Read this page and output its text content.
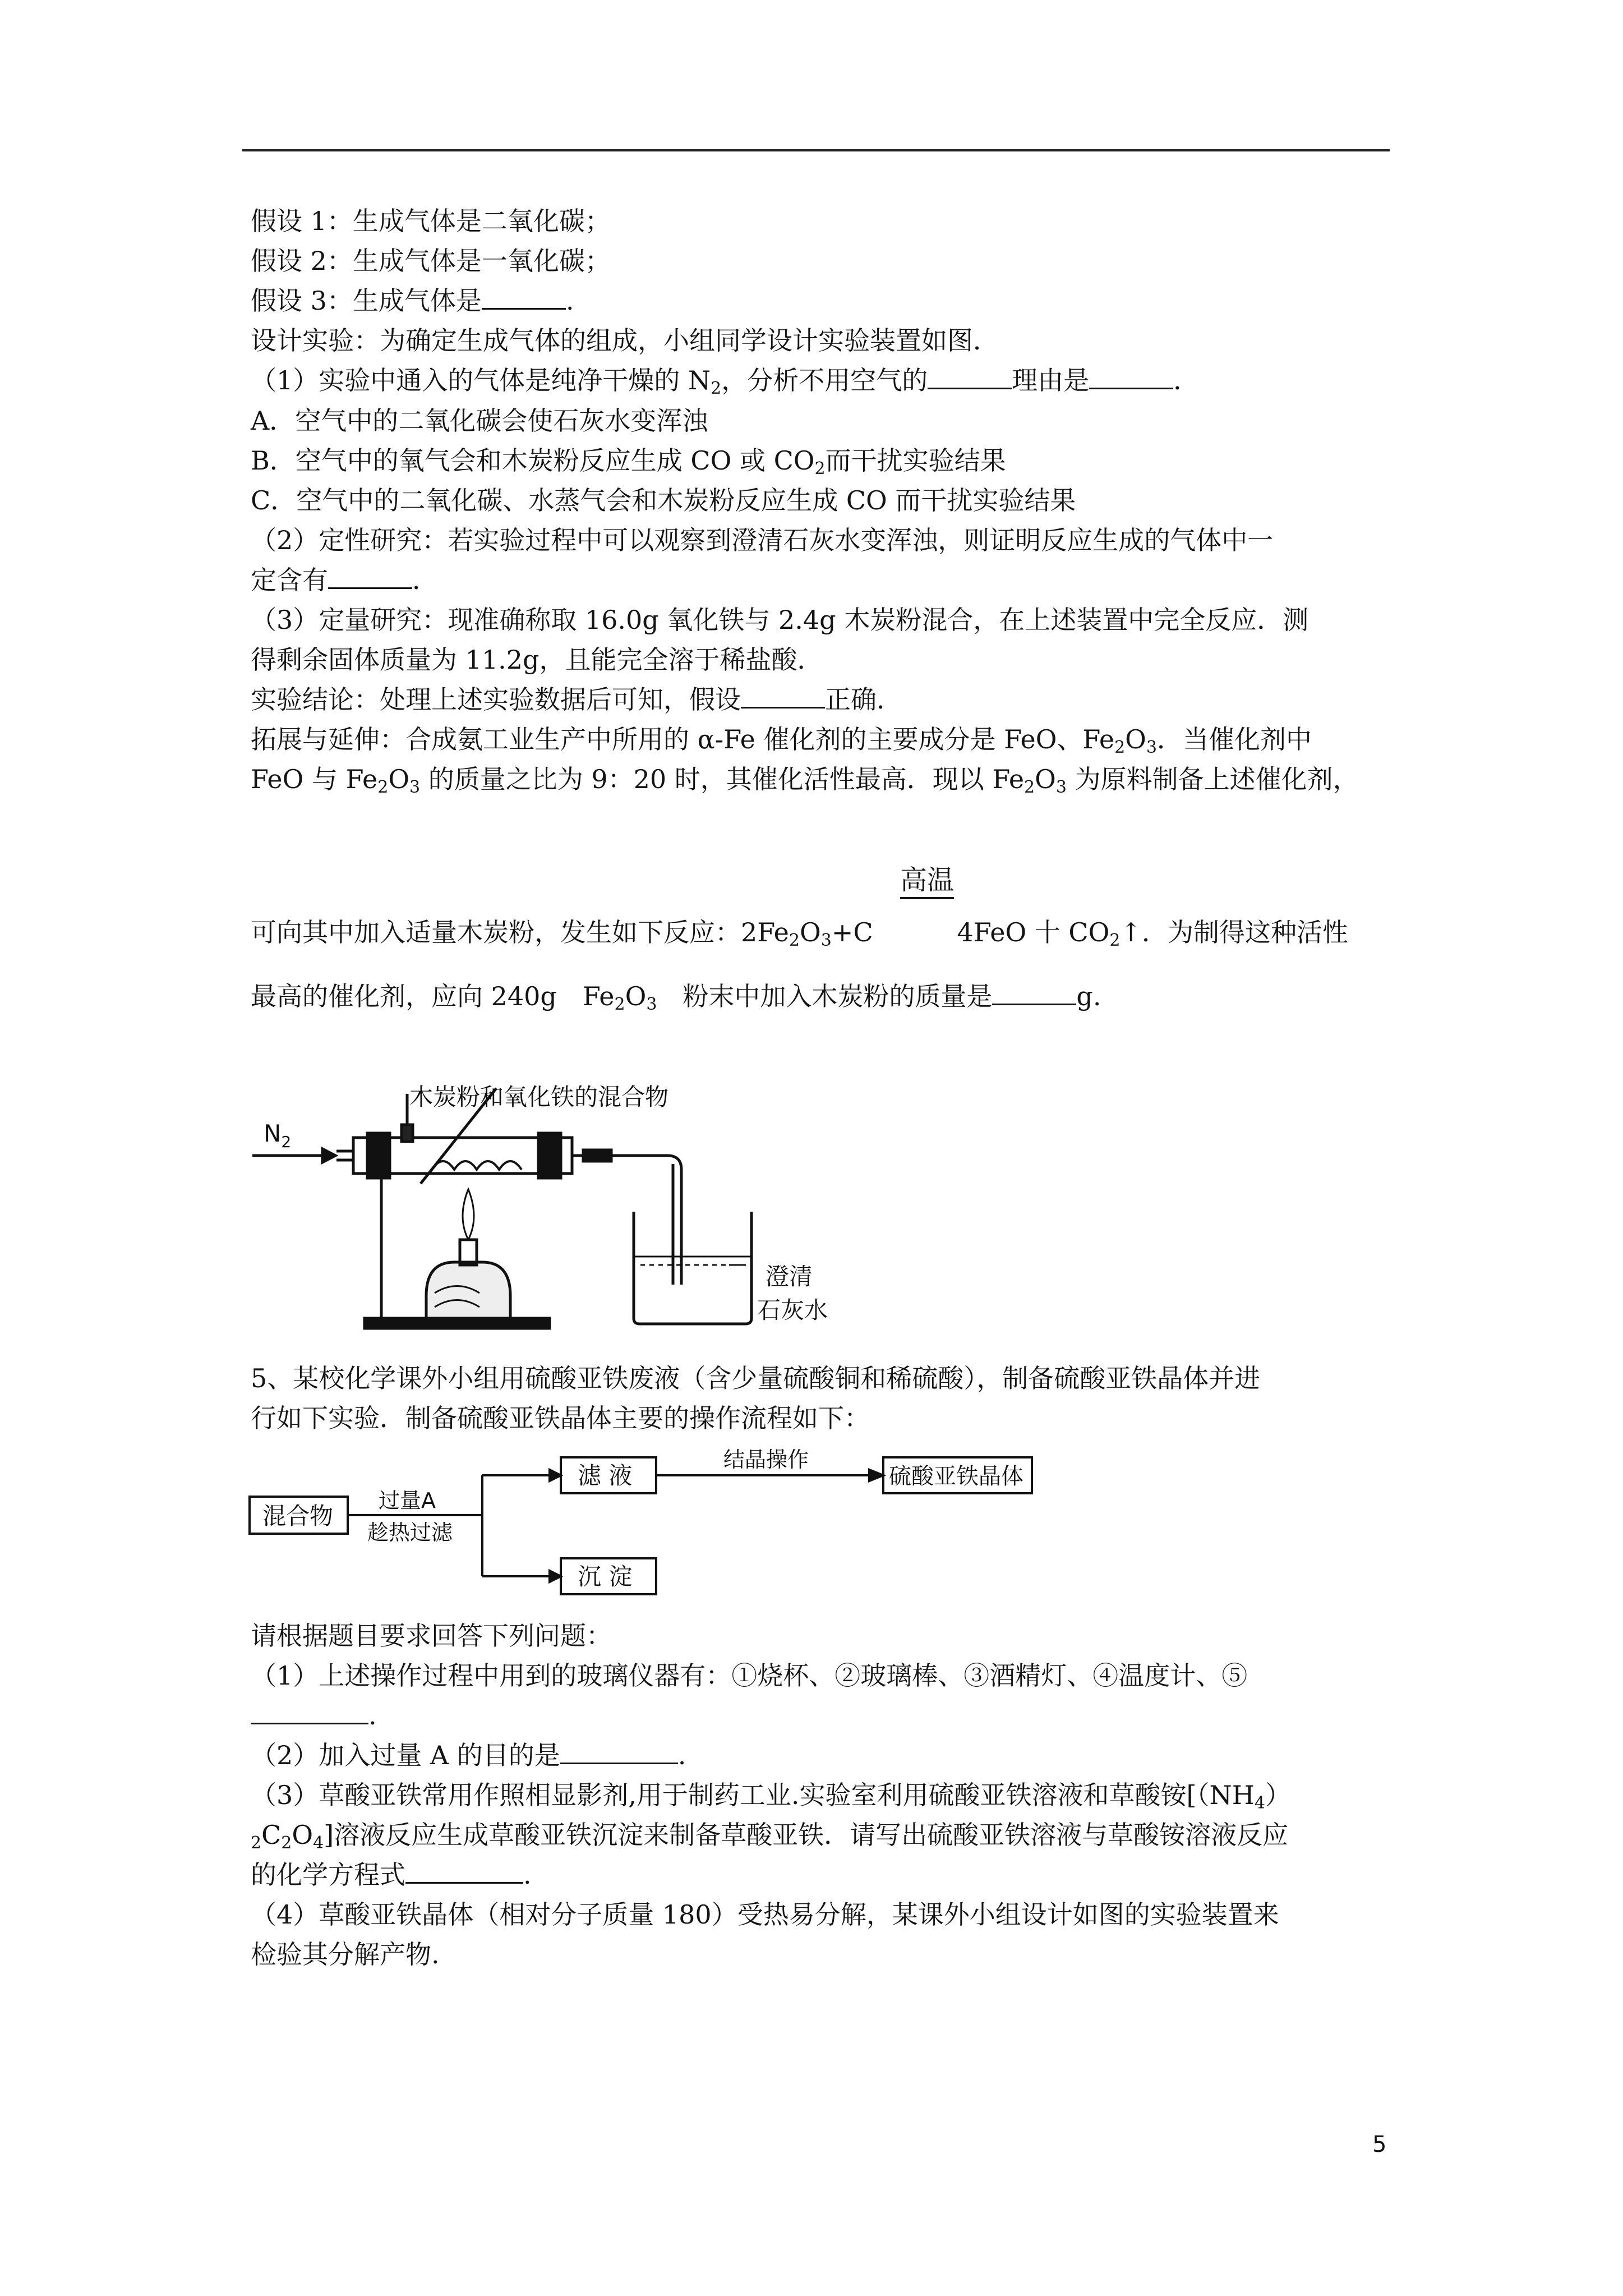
假设 1：生成气体是二氧化碳；
假设 2：生成气体是一氧化碳；
假设 3：生成气体是	.
设计实验：为确定生成气体的组成，小组同学设计实验装置如图．
（1）实验中通入的气体是纯净干燥的 $N_2$，分析不用空气的	理由是	．
A．空气中的二氧化碳会使石灰水变浑浊
B．空气中的氧气会和木炭粉反应生成 CO 或 $CO_2$而干扰实验结果
C．空气中的二氧化碳、水蒸气会和木炭粉反应生成 CO 而干扰实验结果
（2）定性研究：若实验过程中可以观察到澄清石灰水变浑浊，则证明反应生成的气体中一
定含有	．
（3）定量研究：现准确称取 16.0g 氧化铁与 2.4g 木炭粉混合，在上述装置中完全反应．测
得剩余固体质量为 11.2g，且能完全溶于稀盐酸．
实验结论：处理上述实验数据后可知，假设	正确．
拓展与延伸：合成氨工业生产中所用的 α-Fe 催化剂的主要成分是 FeO、$Fe_2O_3$．当催化剂中
FeO 与 $Fe_2O_3$ 的质量之比为 9：20 时，其催化活性最高．现以 $Fe_2O_3$ 为原料制备上述催化剂，
高温
可向其中加入适量木炭粉，发生如下反应：$2Fe_2O_3+C$	4FeO 十 $CO_2↑$．为制得这种活性
最高的催化剂，应向 240g　$Fe_2O_3$　粉末中加入木炭粉的质量是	g.
木炭粉和氧化铁的混合物
$N_2$
澄清
石灰水
5、某校化学课外小组用硫酸亚铁废液（含少量硫酸铜和稀硫酸），制备硫酸亚铁晶体并进
行如下实验．制备硫酸亚铁晶体主要的操作流程如下：
混合物
过量A
趁热过滤
滤 液
结晶操作
硫酸亚铁晶体
沉 淀
请根据题目要求回答下列问题：
（1）上述操作过程中用到的玻璃仪器有：①烧杯、②玻璃棒、③酒精灯、④温度计、⑤
.
（2）加入过量 A 的目的是	.
（3）草酸亚铁常用作照相显影剂,用于制药工业.实验室利用硫酸亚铁溶液和草酸铵[$(NH_4)$
$_2C_2O_4$]溶液反应生成草酸亚铁沉淀来制备草酸亚铁．请写出硫酸亚铁溶液与草酸铵溶液反应
的化学方程式	.
（4）草酸亚铁晶体（相对分子质量 180）受热易分解，某课外小组设计如图的实验装置来
检验其分解产物.
5
